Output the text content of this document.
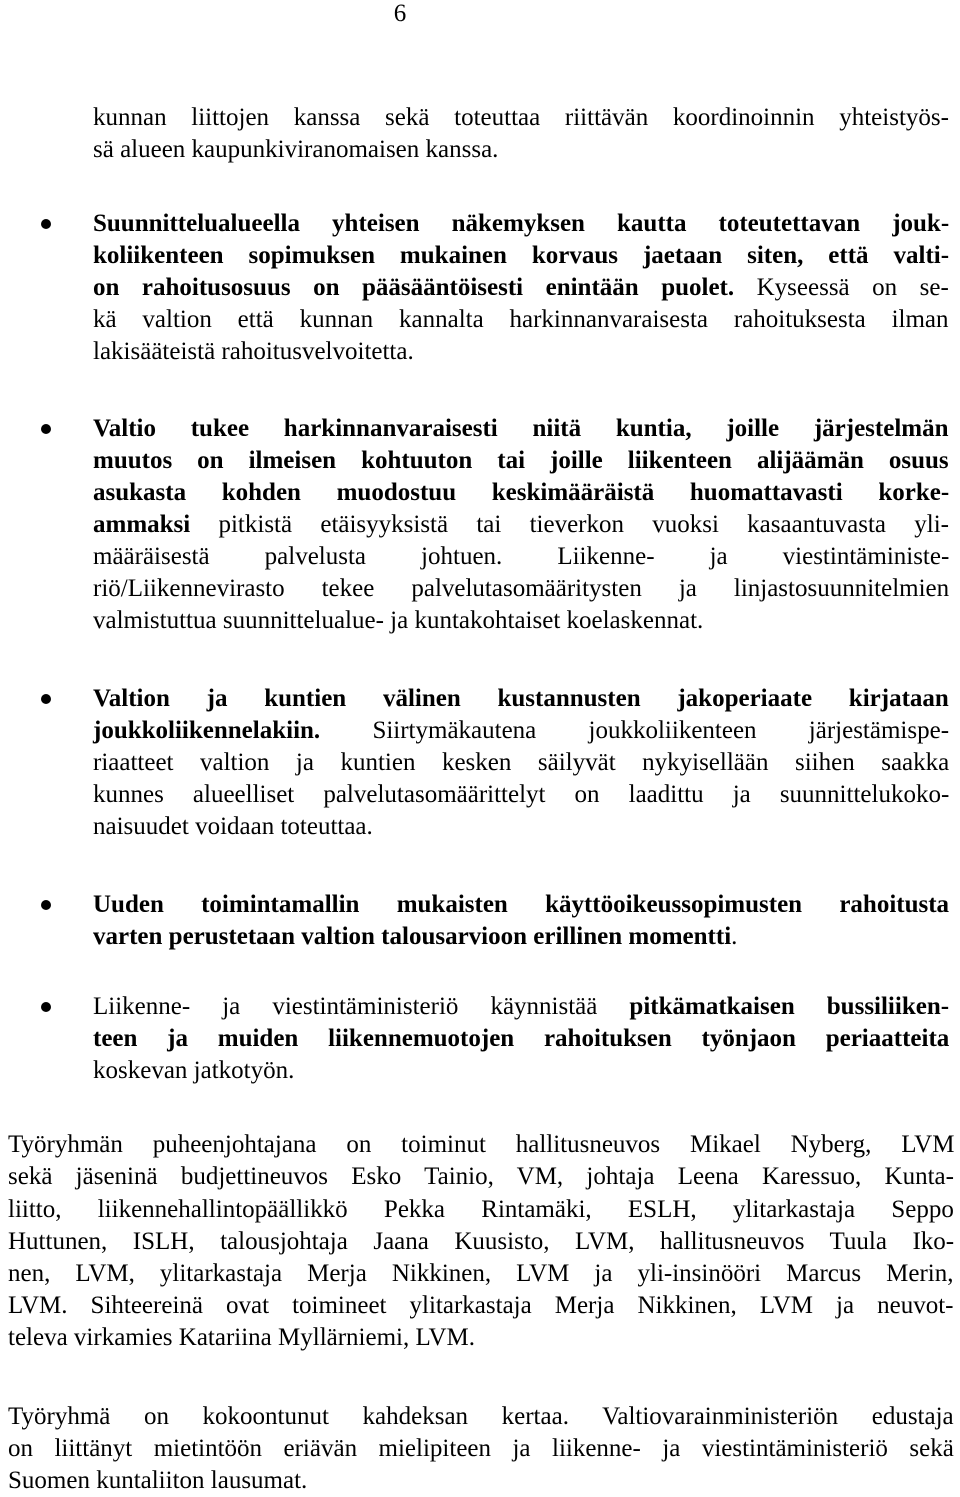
6
kunnan liittojen kanssa sekä toteuttaa riittävän koordinoinnin yhteistyös-
sä alueen kaupunkiviranomaisen kanssa.
Suunnittelualueella yhteisen näkemyksen kautta toteutettavan jouk-
koliikenteen sopimuksen mukainen korvaus jaetaan siten, että valti-
on rahoitusosuus on pääsääntöisesti enintään puolet. Kyseessä on se-
kä valtion että kunnan kannalta harkinnanvaraisesta rahoituksesta ilman
lakisääteistä rahoitusvelvoitetta.
Valtio tukee harkinnanvaraisesti niitä kuntia, joille järjestelmän
muutos on ilmeisen kohtuuton tai joille liikenteen alijäämän osuus
asukasta kohden muodostuu keskimääräistä huomattavasti korke-
ammaksi pitkistä etäisyyksistä tai tieverkon vuoksi kasaantuvasta yli-
määräisestä palvelusta johtuen. Liikenne- ja viestintäministe-
riö/Liikennevirasto tekee palvelutasomääritysten ja linjastosuunnitelmien
valmistuttua suunnittelualue- ja kuntakohtaiset koelaskennat.
Valtion ja kuntien välinen kustannusten jakoperiaate kirjataan
joukkoliikennelakiin. Siirtymäkautena joukkoliikenteen järjestämispe-
riaatteet valtion ja kuntien kesken säilyvät nykyisellään siihen saakka
kunnes alueelliset palvelutasomäärittelyt on laadittu ja suunnittelukoko-
naisuudet voidaan toteuttaa.
Uuden toimintamallin mukaisten käyttöoikeussopimusten rahoitusta
varten perustetaan valtion talousarvioon erillinen momentti.
Liikenne- ja viestintäministeriö käynnistää pitkämatkaisen bussiliiken-
teen ja muiden liikennemuotojen rahoituksen työnjaon periaatteita
koskevan jatkotyön.
Työryhmän puheenjohtajana on toiminut hallitusneuvos Mikael Nyberg, LVM
sekä jäseninä budjettineuvos Esko Tainio, VM, johtaja Leena Karessuo, Kunta-
liitto, liikennehallintopäällikkö Pekka Rintamäki, ESLH, ylitarkastaja Seppo
Huttunen, ISLH, talousjohtaja Jaana Kuusisto, LVM, hallitusneuvos Tuula Iko-
nen, LVM, ylitarkastaja Merja Nikkinen, LVM ja yli-insinööri Marcus Merin,
LVM. Sihteereinä ovat toimineet ylitarkastaja Merja Nikkinen, LVM ja neuvot-
televa virkamies Katariina Myllärniemi, LVM.
Työryhmä on kokoontunut kahdeksan kertaa. Valtiovarainministeriön edustaja
on liittänyt mietintöön eriävän mielipiteen ja liikenne- ja viestintäministeriö sekä
Suomen kuntaliiton lausumat.
